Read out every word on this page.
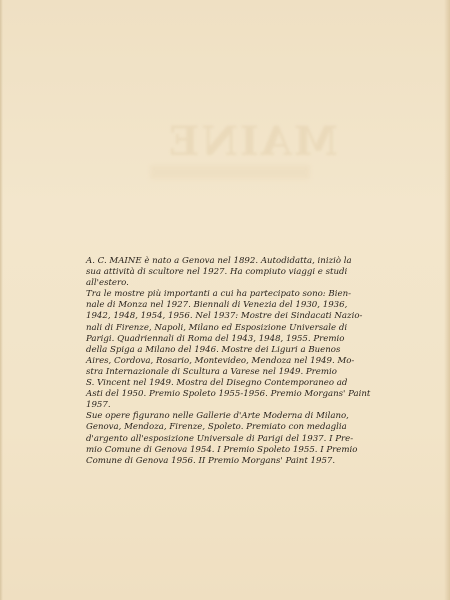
MAINE

A. C. MAINE è nato a Genova nel 1892. Autodidatta, iniziò la

sua attività di scultore nel 1927. Ha compiuto viaggi e studi

all'estero.

Tra le mostre più importanti a cui ha partecipato sono: Bien-

nale di Monza nel 1927. Biennali di Venezia del 1930, 1936,

1942, 1948, 1954, 1956. Nel 1937: Mostre dei Sindacati Nazio-

nali di Firenze, Napoli, Milano ed Esposizione Universale di

Parigi. Quadriennali di Roma del 1943, 1948, 1955. Premio

della Spiga a Milano del 1946. Mostre dei Liguri a Buenos

Aires, Cordova, Rosario, Montevideo, Mendoza nel 1949. Mo-

stra Internazionale di Scultura a Varese nel 1949. Premio

S. Vincent nel 1949. Mostra del Disegno Contemporaneo ad

Asti del 1950. Premio Spoleto 1955-1956. Premio Morgans' Paint

1957.

Sue opere figurano nelle Gallerie d'Arte Moderna di Milano,

Genova, Mendoza, Firenze, Spoleto. Premiato con medaglia

d'argento all'esposizione Universale di Parigi del 1937. I Pre-

mio Comune di Genova 1954. I Premio Spoleto 1955. I Premio

Comune di Genova 1956. II Premio Morgans' Paint 1957.
